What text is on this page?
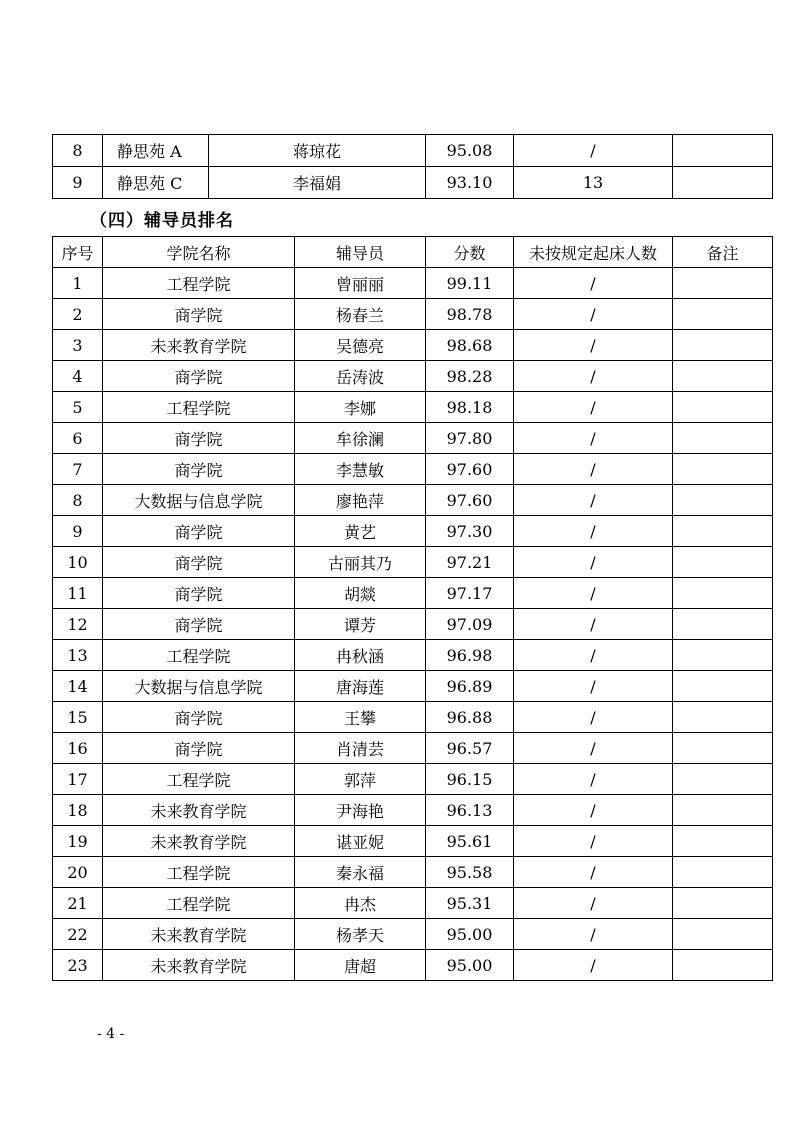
8	静思苑 A	蒋琼花	95.08	/	
9	静思苑 C	李福娟	93.10	13	
（四）辅导员排名
序号	学院名称	辅导员	分数	未按规定起床人数	备注
1	工程学院	曾丽丽	99.11	/	
2	商学院	杨春兰	98.78	/	
3	未来教育学院	吴德亮	98.68	/	
4	商学院	岳涛波	98.28	/	
5	工程学院	李娜	98.18	/	
6	商学院	牟徐澜	97.80	/	
7	商学院	李慧敏	97.60	/	
8	大数据与信息学院	廖艳萍	97.60	/	
9	商学院	黄艺	97.30	/	
10	商学院	古丽其乃	97.21	/	
11	商学院	胡燚	97.17	/	
12	商学院	谭芳	97.09	/	
13	工程学院	冉秋涵	96.98	/	
14	大数据与信息学院	唐海莲	96.89	/	
15	商学院	王攀	96.88	/	
16	商学院	肖清芸	96.57	/	
17	工程学院	郭萍	96.15	/	
18	未来教育学院	尹海艳	96.13	/	
19	未来教育学院	谌亚妮	95.61	/	
20	工程学院	秦永福	95.58	/	
21	工程学院	冉杰	95.31	/	
22	未来教育学院	杨孝天	95.00	/	
23	未来教育学院	唐超	95.00	/	
- 4 -
